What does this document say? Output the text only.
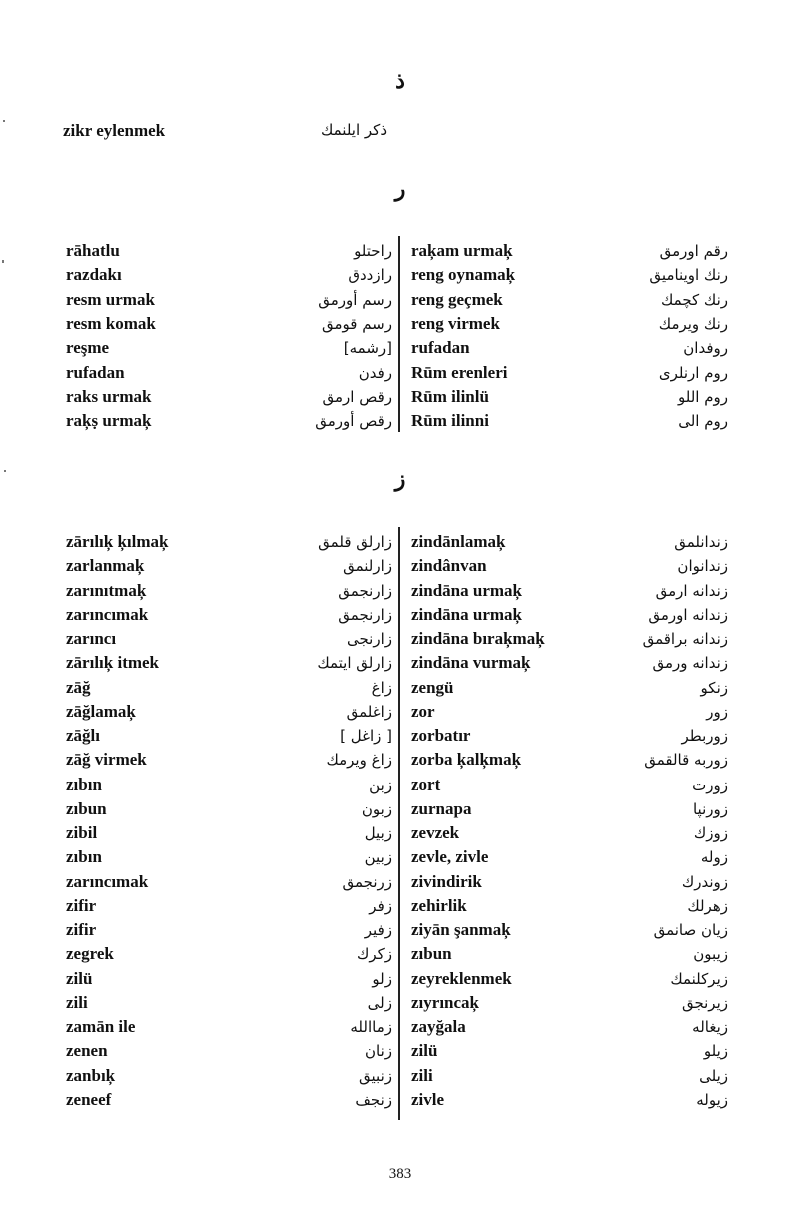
ذ
zikr eylenmek	ذكر ايلنمك
ر
rāhatlu	راحتلو
razdakı	رازددق
resm urmak	رسم أورمق
resm komak	رسم قومق
reşme	[رشمه]
rufadan	رفدن
raks urmak	رقص ارمق
raķṣ urmaķ	رقص أورمق
raķam urmaķ	رقم اورمق
reng oynamaķ	رنك اويناميق
reng geçmek	رنك كچمك
reng virmek	رنك ويرمك
rufadan	روفدان
Rūm erenleri	روم ارنلرى
Rūm ilinlü	روم اللو
Rūm ilinni	روم الى
ز
zārılıķ ķılmaķ	زارلق قلمق
zarlanmaķ	زارلنمق
zarınıtmaķ	زارنجمق
zarıncımak	زارنجمق
zarıncı	زارنجى
zārılıķ itmek	زارلق ايتمك
zāğ	زاغ
zāğlamaķ	زاغلمق
zāğlı	[ زاغل ]
zāğ virmek	زاغ ويرمك
zıbın	زبن
zıbun	زبون
zibil	زبيل
zıbın	زبين
zarıncımak	زرنجمق
zifir	زفر
zifir	زفير
zegrek	زكرك
zilü	زلو
zili	زلى
zamān ile	زماالله
zenen	زنان
zanbıķ	زنبيق
zeneef	زنجف
zindānlamaķ	زندانلمق
zindânvan	زندانوان
zindāna urmaķ	زندانه ارمق
zindāna urmaķ	زندانه اورمق
zindāna bıraķmaķ	زندانه براقمق
zindāna vurmaķ	زندانه ورمق
zengü	زنكو
zor	زور
zorbatır	زوربطر
zorba ķalķmaķ	زوربه قالقمق
zort	زورت
zurnapa	زورنپا
zevzek	زوزك
zevle, zivle	زوله
zivindirik	زوندرك
zehirlik	زهرلك
ziyān şanmaķ	زيان صانمق
zıbun	زيبون
zeyreklenmek	زيركلنمك
zıyrıncaķ	زيرنجق
zayğala	زيغاله
zilü	زيلو
zili	زيلى
zivle	زيوله
383
